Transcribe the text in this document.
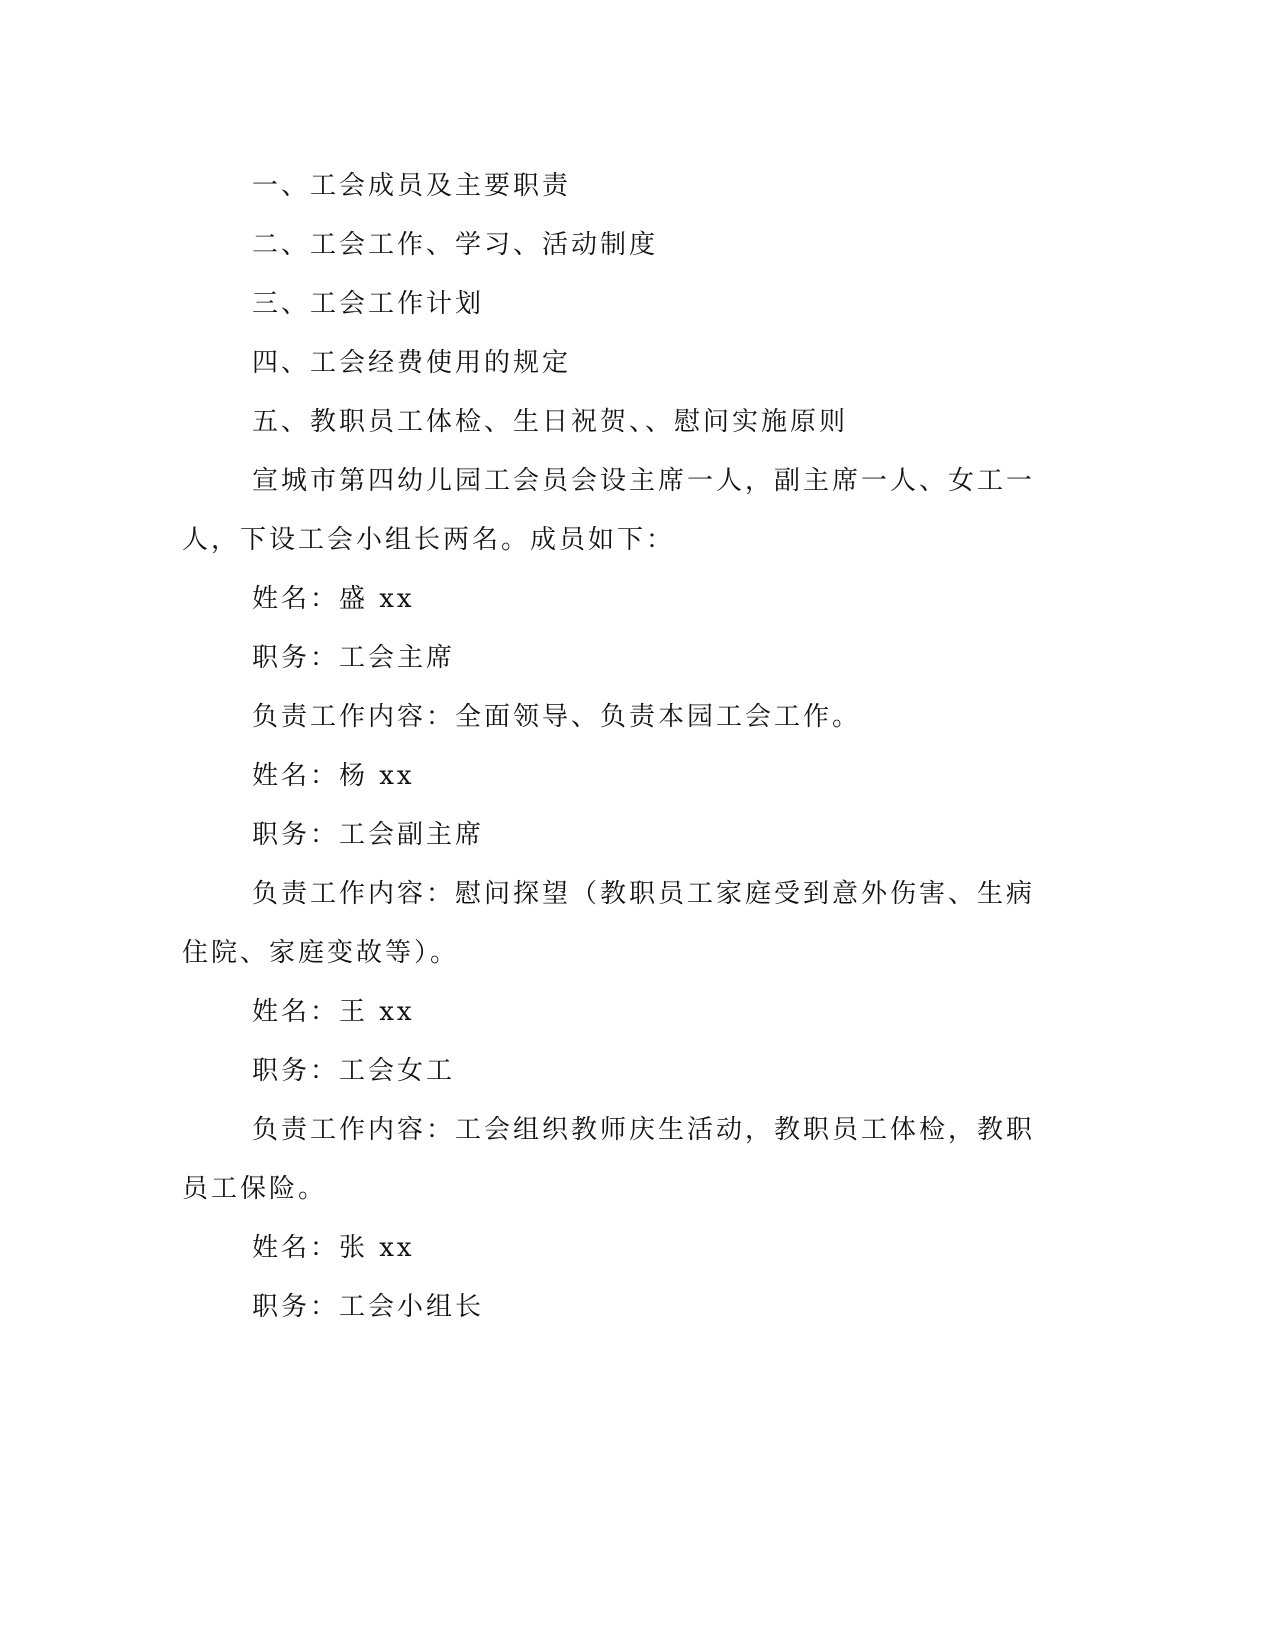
一、工会成员及主要职责

二、工会工作、学习、活动制度

三、工会工作计划

四、工会经费使用的规定

五、教职员工体检、生日祝贺、、慰问实施原则

宣城市第四幼儿园工会员会设主席一人，副主席一人、女工一人，下设工会小组长两名。成员如下：

姓名：盛 xx

职务：工会主席

负责工作内容：全面领导、负责本园工会工作。

姓名：杨 xx

职务：工会副主席

负责工作内容：慰问探望（教职员工家庭受到意外伤害、生病住院、家庭变故等）。

姓名：王 xx

职务：工会女工

负责工作内容：工会组织教师庆生活动，教职员工体检，教职员工保险。

姓名：张 xx

职务：工会小组长
